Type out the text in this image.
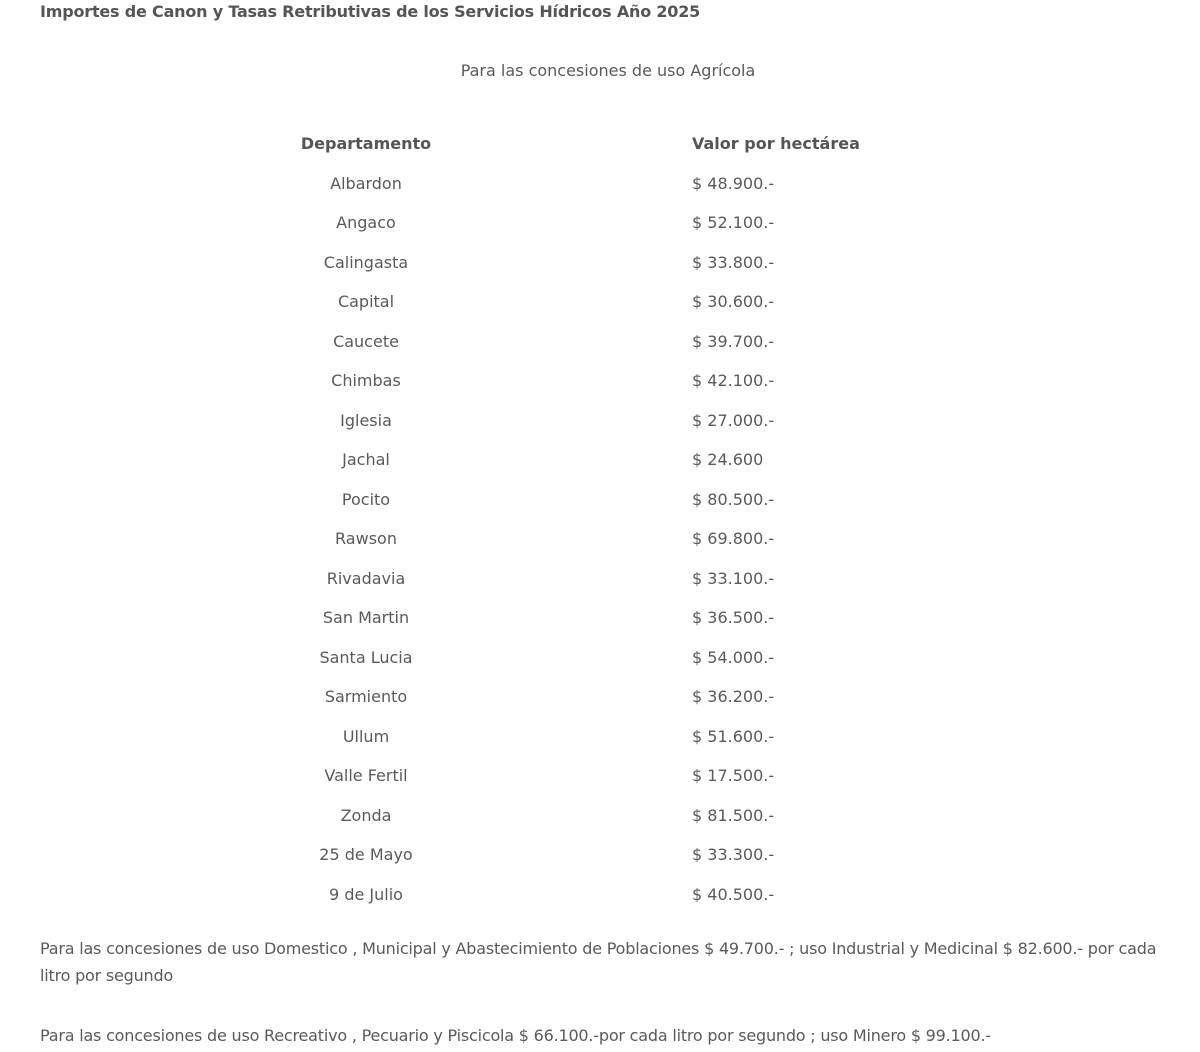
Importes de Canon y Tasas Retributivas de los Servicios Hídricos Año 2025
Para las concesiones de uso Agrícola
Departamento	Valor por hectárea
Albardon	$ 48.900.-
Angaco	$ 52.100.-
Calingasta	$ 33.800.-
Capital	$ 30.600.-
Caucete	$ 39.700.-
Chimbas	$ 42.100.-
Iglesia	$ 27.000.-
Jachal	$ 24.600
Pocito	$ 80.500.-
Rawson	$ 69.800.-
Rivadavia	$ 33.100.-
San Martin	$ 36.500.-
Santa Lucia	$ 54.000.-
Sarmiento	$ 36.200.-
Ullum	$ 51.600.-
Valle Fertil	$ 17.500.-
Zonda	$ 81.500.-
25 de Mayo	$ 33.300.-
9 de Julio	$ 40.500.-
Para las concesiones de uso Domestico , Municipal y Abastecimiento de Poblaciones $ 49.700.- ; uso Industrial y Medicinal $ 82.600.- por cada litro por segundo
Para las concesiones de uso Recreativo , Pecuario y Piscicola $ 66.100.-por cada litro por segundo ; uso Minero $ 99.100.-
